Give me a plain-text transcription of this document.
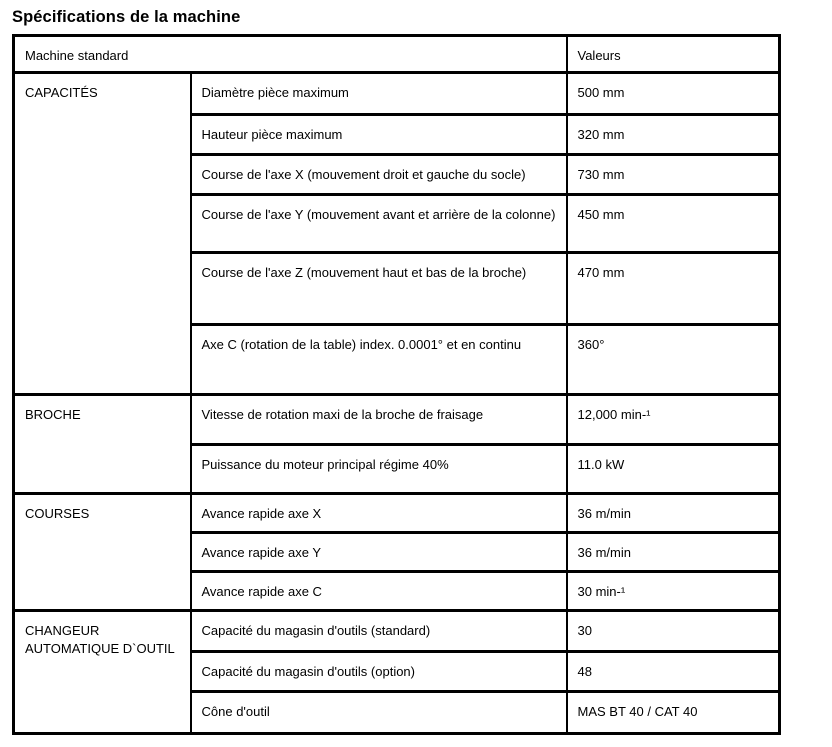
Spécifications de la machine
Machine standard		Valeurs
CAPACITÉS	Diamètre pièce maximum	500 mm
	Hauteur pièce maximum	320 mm
	Course de l'axe X (mouvement droit et gauche du socle)	730 mm
	Course de l'axe Y (mouvement avant et arrière de la colonne)	450 mm
	Course de l'axe Z (mouvement haut et bas de la broche)	470 mm
	Axe C (rotation de la table) index. 0.0001° et en continu	360°
BROCHE	Vitesse de rotation maxi de la broche de fraisage	12,000 min-¹
	Puissance du moteur principal régime 40%	11.0 kW
COURSES	Avance rapide axe X	36 m/min
	Avance rapide axe Y	36 m/min
	Avance rapide axe C	30 min-¹
CHANGEUR AUTOMATIQUE D`OUTIL	Capacité du magasin d'outils (standard)	30
	Capacité du magasin d'outils (option)	48
	Cône d'outil	MAS BT 40 / CAT 40
